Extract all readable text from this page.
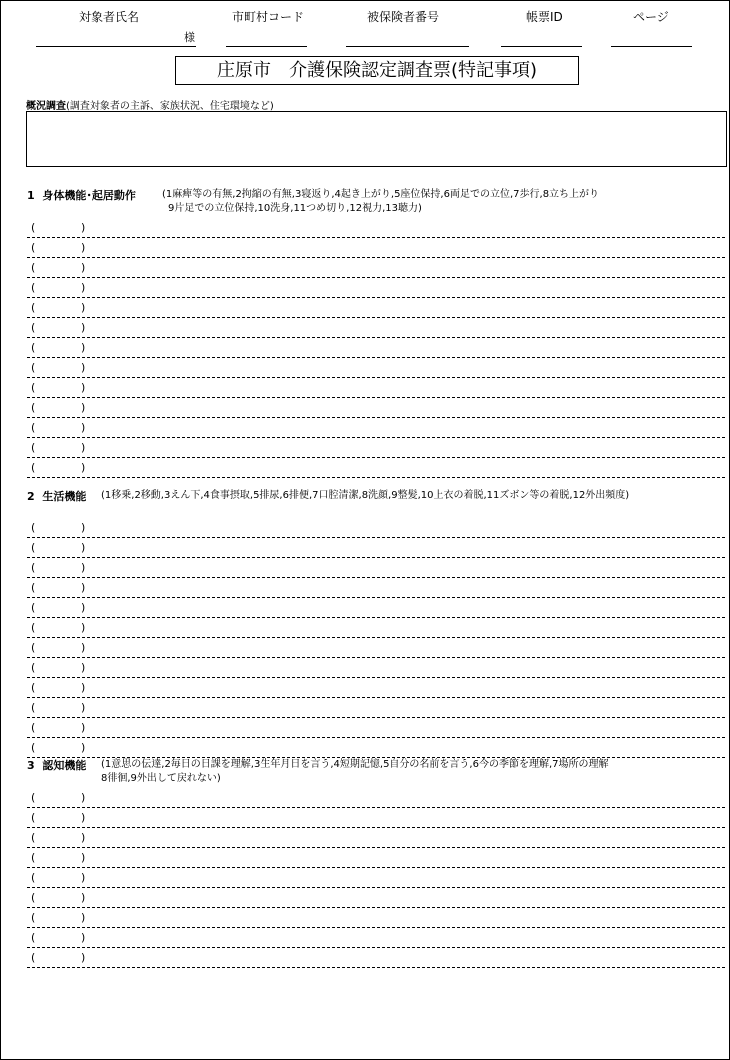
対象者氏名	市町村コード	被保険者番号	帳票ID	ページ
様
庄原市　介護保険認定調査票(特記事項)
概況調査(調査対象者の主訴、家族状況、住宅環境など)
1 身体機能･起居動作	(1麻痺等の有無,2拘縮の有無,3寝返り,4起き上がり,5座位保持,6両足での立位,7歩行,8立ち上がり
9片足での立位保持,10洗身,11つめ切り,12視力,13聴力)
(	)
(	)
(	)
(	)
(	)
(	)
(	)
(	)
(	)
(	)
(	)
(	)
(	)
2 生活機能 (1移乗,2移動,3えん下,4食事摂取,5排尿,6排便,7口腔清潔,8洗顔,9整髪,10上衣の着脱,11ズボン等の着脱,12外出頻度)
(	)
(	)
(	)
(	)
(	)
(	)
(	)
(	)
(	)
(	)
(	)
(	)
3 認知機能 (1意思の伝達,2毎日の日課を理解,3生年月日を言う,4短期記憶,5自分の名前を言う,6今の季節を理解,7場所の理解
8徘徊,9外出して戻れない)
(	)
(	)
(	)
(	)
(	)
(	)
(	)
(	)
(	)
